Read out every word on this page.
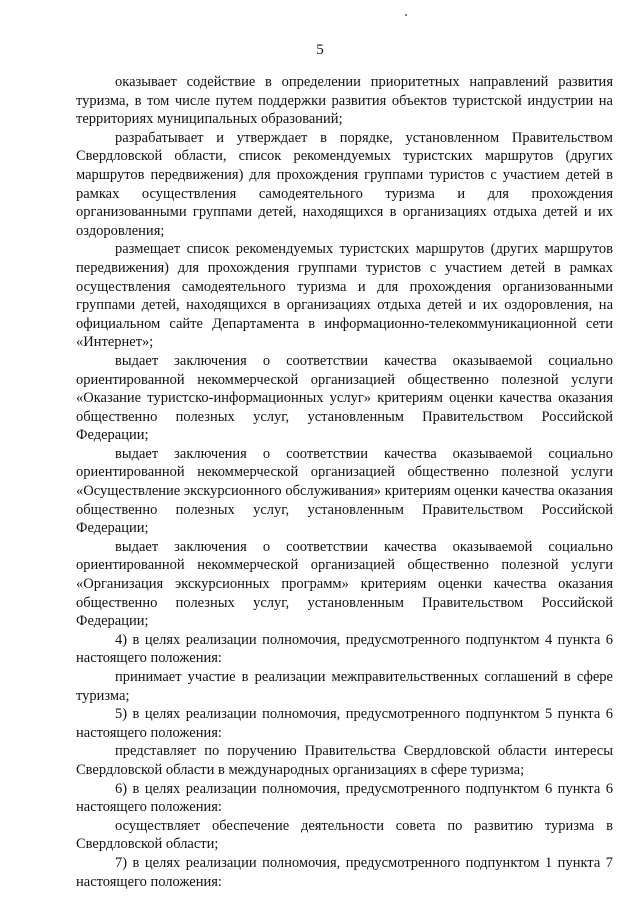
5

оказывает содействие в определении приоритетных направлений развития туризма, в том числе путем поддержки развития объектов туристской индустрии на территориях муниципальных образований;

разрабатывает и утверждает в порядке, установленном Правительством Свердловской области, список рекомендуемых туристских маршрутов (других маршрутов передвижения) для прохождения группами туристов с участием детей в рамках осуществления самодеятельного туризма и для прохождения организованными группами детей, находящихся в организациях отдыха детей и их оздоровления;

размещает список рекомендуемых туристских маршрутов (других маршрутов передвижения) для прохождения группами туристов с участием детей в рамках осуществления самодеятельного туризма и для прохождения организованными группами детей, находящихся в организациях отдыха детей и их оздоровления, на официальном сайте Департамента в информационно-телекоммуникационной сети «Интернет»;

выдает заключения о соответствии качества оказываемой социально ориентированной некоммерческой организацией общественно полезной услуги «Оказание туристско-информационных услуг» критериям оценки качества оказания общественно полезных услуг, установленным Правительством Российской Федерации;

выдает заключения о соответствии качества оказываемой социально ориентированной некоммерческой организацией общественно полезной услуги «Осуществление экскурсионного обслуживания» критериям оценки качества оказания общественно полезных услуг, установленным Правительством Российской Федерации;

выдает заключения о соответствии качества оказываемой социально ориентированной некоммерческой организацией общественно полезной услуги «Организация экскурсионных программ» критериям оценки качества оказания общественно полезных услуг, установленным Правительством Российской Федерации;

4) в целях реализации полномочия, предусмотренного подпунктом 4 пункта 6 настоящего положения:

принимает участие в реализации межправительственных соглашений в сфере туризма;

5) в целях реализации полномочия, предусмотренного подпунктом 5 пункта 6 настоящего положения:

представляет по поручению Правительства Свердловской области интересы Свердловской области в международных организациях в сфере туризма;

6) в целях реализации полномочия, предусмотренного подпунктом 6 пункта 6 настоящего положения:

осуществляет обеспечение деятельности совета по развитию туризма в Свердловской области;

7) в целях реализации полномочия, предусмотренного подпунктом 1 пункта 7 настоящего положения:
